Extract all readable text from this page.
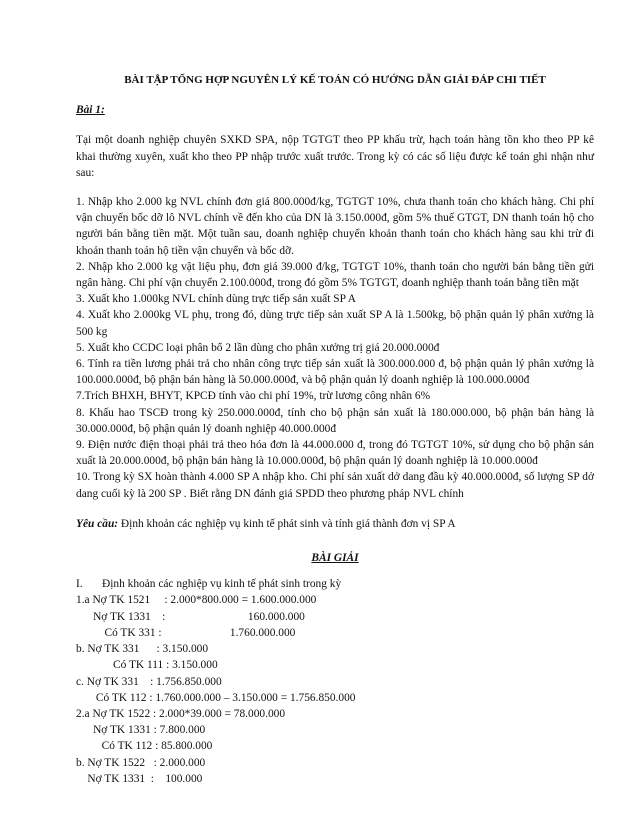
BÀI TẬP TỔNG HỢP NGUYÊN LÝ KẾ TOÁN CÓ HƯỚNG DẪN GIẢI ĐÁP CHI TIẾT
Bài 1:
Tại một doanh nghiệp chuyên SXKD SPA, nộp TGTGT theo PP khấu trừ, hạch toán hàng tồn kho theo PP kê khai thường xuyên, xuất kho theo PP nhập trước xuất trước. Trong kỳ có các số liệu được kế toán ghi nhận như sau:
1. Nhập kho 2.000 kg NVL chính đơn giá 800.000đ/kg, TGTGT 10%, chưa thanh toán cho khách hàng. Chi phí vận chuyển bốc dỡ lô NVL chính về đến kho của DN là 3.150.000đ, gồm 5% thuế GTGT, DN thanh toán hộ cho người bán bằng tiền mặt. Một tuần sau, doanh nghiệp chuyển khoản thanh toán cho khách hàng sau khi trừ đi khoản thanh toán hộ tiền vận chuyển và bốc dỡ.
2. Nhập kho 2.000 kg vật liệu phụ, đơn giá 39.000 đ/kg, TGTGT 10%, thanh toán cho người bán bằng tiền gửi ngân hàng. Chi phí vận chuyển 2.100.000đ, trong đó gồm 5% TGTGT, doanh nghiệp thanh toán bằng tiền mặt
3. Xuất kho 1.000kg NVL chính dùng trực tiếp sản xuất SP A
4. Xuất kho 2.000kg VL phụ, trong đó, dùng trực tiếp sản xuất SP A là 1.500kg, bộ phận quản lý phân xưởng là 500 kg
5. Xuất kho CCDC loại phân bổ 2 lần dùng cho phân xưởng trị giá 20.000.000đ
6. Tính ra tiền lương phải trả cho nhân công trực tiếp sản xuất là 300.000.000 đ, bộ phận quản lý phân xưởng là 100.000.000đ, bộ phận bán hàng là 50.000.000đ, và bộ phận quản lý doanh nghiệp là 100.000.000đ
7.Trích BHXH, BHYT, KPCĐ tính vào chi phí 19%, trừ lương công nhân 6%
8. Khấu hao TSCĐ trong kỳ 250.000.000đ, tính cho bộ phận sản xuất là 180.000.000, bộ phận bán hàng là 30.000.000đ, bộ phận quản lý doanh nghiệp 40.000.000đ
9. Điện nước điện thoại phải trả theo hóa đơn là 44.000.000 đ, trong đó TGTGT 10%, sử dụng cho bộ phận sản xuất là 20.000.000đ, bộ phận bán hàng là 10.000.000đ, bộ phận quản lý doanh nghiệp là 10.000.000đ
10. Trong kỳ SX hoàn thành 4.000 SP A nhập kho. Chi phí sản xuất dở dang đầu kỳ 40.000.000đ, số lượng SP dở dang cuối kỳ là 200 SP . Biết rằng DN đánh giá SPDD theo phương pháp NVL chính
Yêu cầu: Định khoản các nghiệp vụ kinh tế phát sinh và tính giá thành đơn vị SP A
BÀI GIẢI
I. Định khoản các nghiệp vụ kinh tế phát sinh trong kỳ
1.a Nợ TK 1521     : 2.000*800.000 = 1.600.000.000
Nợ TK 1331    :                             160.000.000
Có TK 331 :                        1.760.000.000
b. Nợ TK 331      : 3.150.000
Có TK 111 : 3.150.000
c. Nợ TK 331    : 1.756.850.000
Có TK 112 : 1.760.000.000 – 3.150.000 = 1.756.850.000
2.a Nợ TK 1522 : 2.000*39.000 = 78.000.000
Nợ TK 1331 : 7.800.000
Có TK 112 : 85.800.000
b. Nợ TK 1522   : 2.000.000
Nợ TK 1331  :    100.000
